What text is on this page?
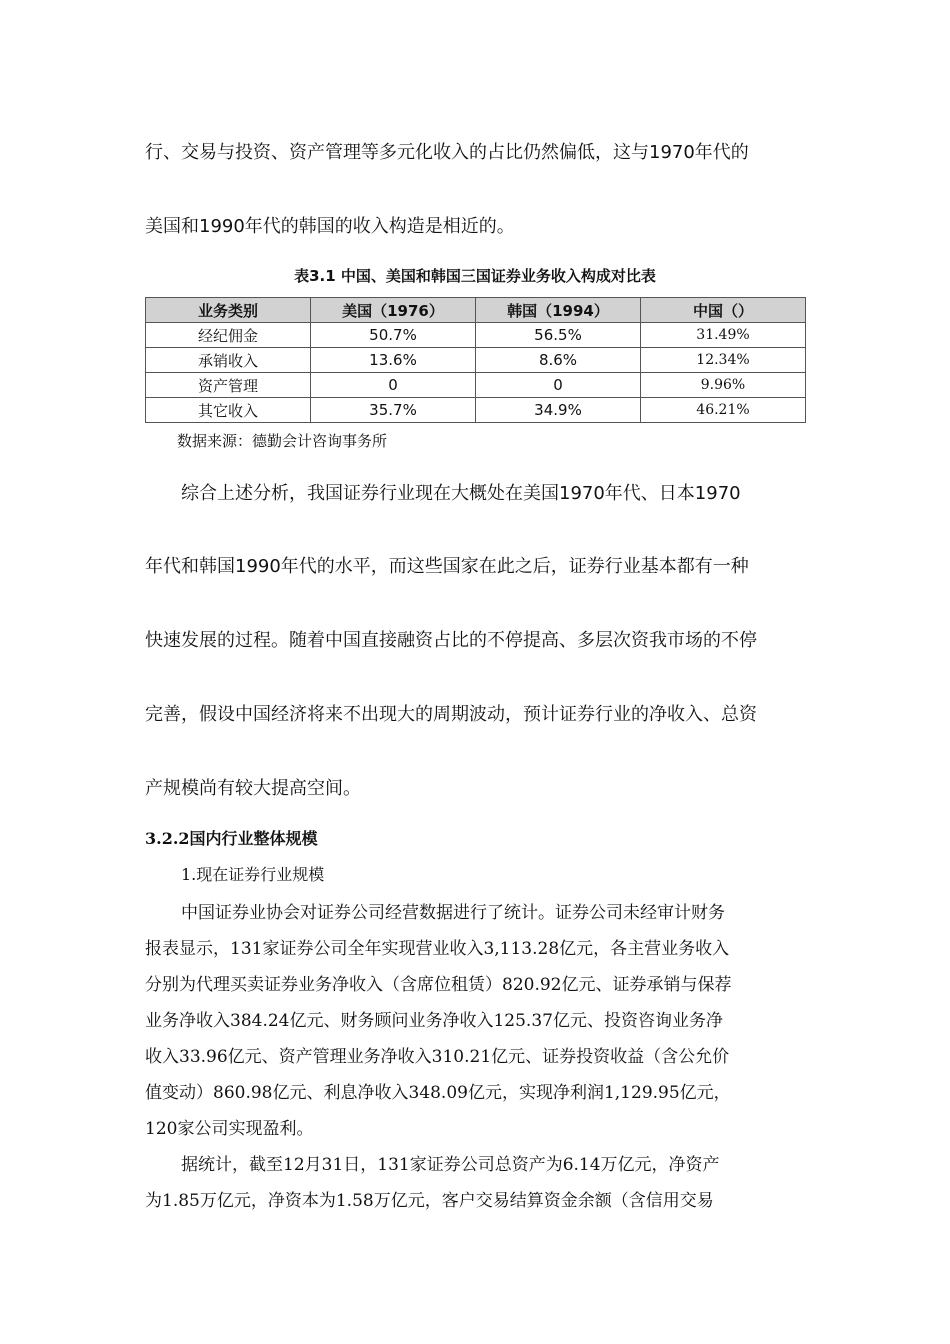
行、交易与投资、资产管理等多元化收入的占比仍然偏低，这与1970年代的
美国和1990年代的韩国的收入构造是相近的。
表3.1 中国、美国和韩国三国证券业务收入构成对比表
业务类别	美国（1976）	韩国（1994）	中国（）
经纪佣金	50.7%	56.5%	31.49%
承销收入	13.6%	8.6%	12.34%
资产管理	0	0	9.96%
其它收入	35.7%	34.9%	46.21%
数据来源：德勤会计咨询事务所
综合上述分析，我国证券行业现在大概处在美国1970年代、日本1970
年代和韩国1990年代的水平，而这些国家在此之后，证券行业基本都有一种
快速发展的过程。随着中国直接融资占比的不停提高、多层次资我市场的不停
完善，假设中国经济将来不出现大的周期波动，预计证券行业的净收入、总资
产规模尚有较大提高空间。
3.2.2国内行业整体规模
1.现在证券行业规模
中国证券业协会对证券公司经营数据进行了统计。证券公司未经审计财务
报表显示，131家证券公司全年实现营业收入3,113.28亿元，各主营业务收入
分别为代理买卖证券业务净收入（含席位租赁）820.92亿元、证券承销与保荐
业务净收入384.24亿元、财务顾问业务净收入125.37亿元、投资咨询业务净
收入33.96亿元、资产管理业务净收入310.21亿元、证券投资收益（含公允价
值变动）860.98亿元、利息净收入348.09亿元，实现净利润1,129.95亿元，
120家公司实现盈利。
据统计，截至12月31日，131家证券公司总资产为6.14万亿元，净资产
为1.85万亿元，净资本为1.58万亿元，客户交易结算资金余额（含信用交易
